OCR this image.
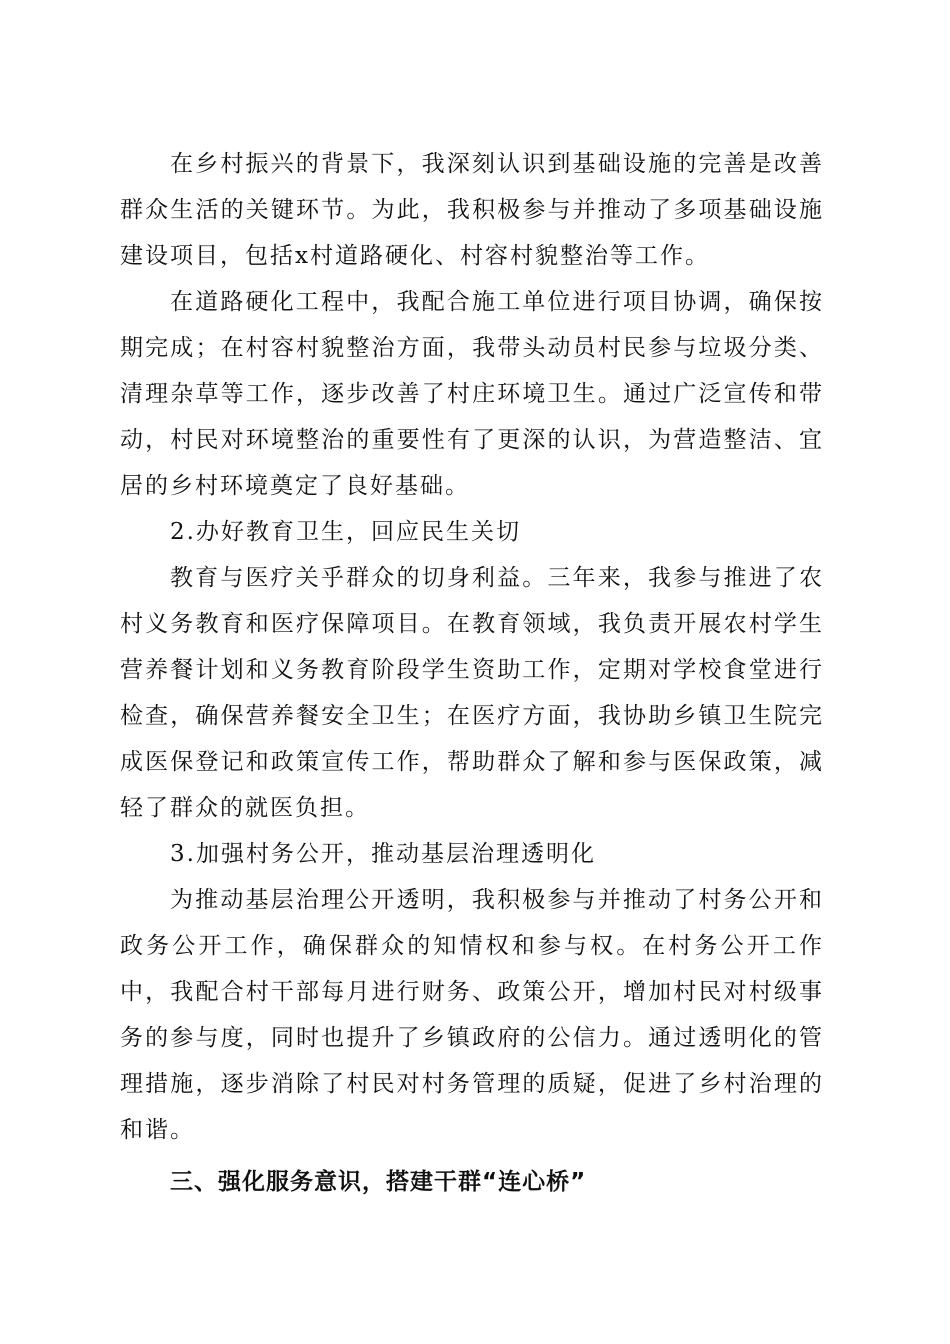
在乡村振兴的背景下，我深刻认识到基础设施的完善是改善群众生活的关键环节。为此，我积极参与并推动了多项基础设施建设项目，包括x村道路硬化、村容村貌整治等工作。

在道路硬化工程中，我配合施工单位进行项目协调，确保按期完成；在村容村貌整治方面，我带头动员村民参与垃圾分类、清理杂草等工作，逐步改善了村庄环境卫生。通过广泛宣传和带动，村民对环境整治的重要性有了更深的认识，为营造整洁、宜居的乡村环境奠定了良好基础。

2.办好教育卫生，回应民生关切

教育与医疗关乎群众的切身利益。三年来，我参与推进了农村义务教育和医疗保障项目。在教育领域，我负责开展农村学生营养餐计划和义务教育阶段学生资助工作，定期对学校食堂进行检查，确保营养餐安全卫生；在医疗方面，我协助乡镇卫生院完成医保登记和政策宣传工作，帮助群众了解和参与医保政策，减轻了群众的就医负担。

3.加强村务公开，推动基层治理透明化

为推动基层治理公开透明，我积极参与并推动了村务公开和政务公开工作，确保群众的知情权和参与权。在村务公开工作中，我配合村干部每月进行财务、政策公开，增加村民对村级事务的参与度，同时也提升了乡镇政府的公信力。通过透明化的管理措施，逐步消除了村民对村务管理的质疑，促进了乡村治理的和谐。

三、强化服务意识，搭建干群“连心桥”
